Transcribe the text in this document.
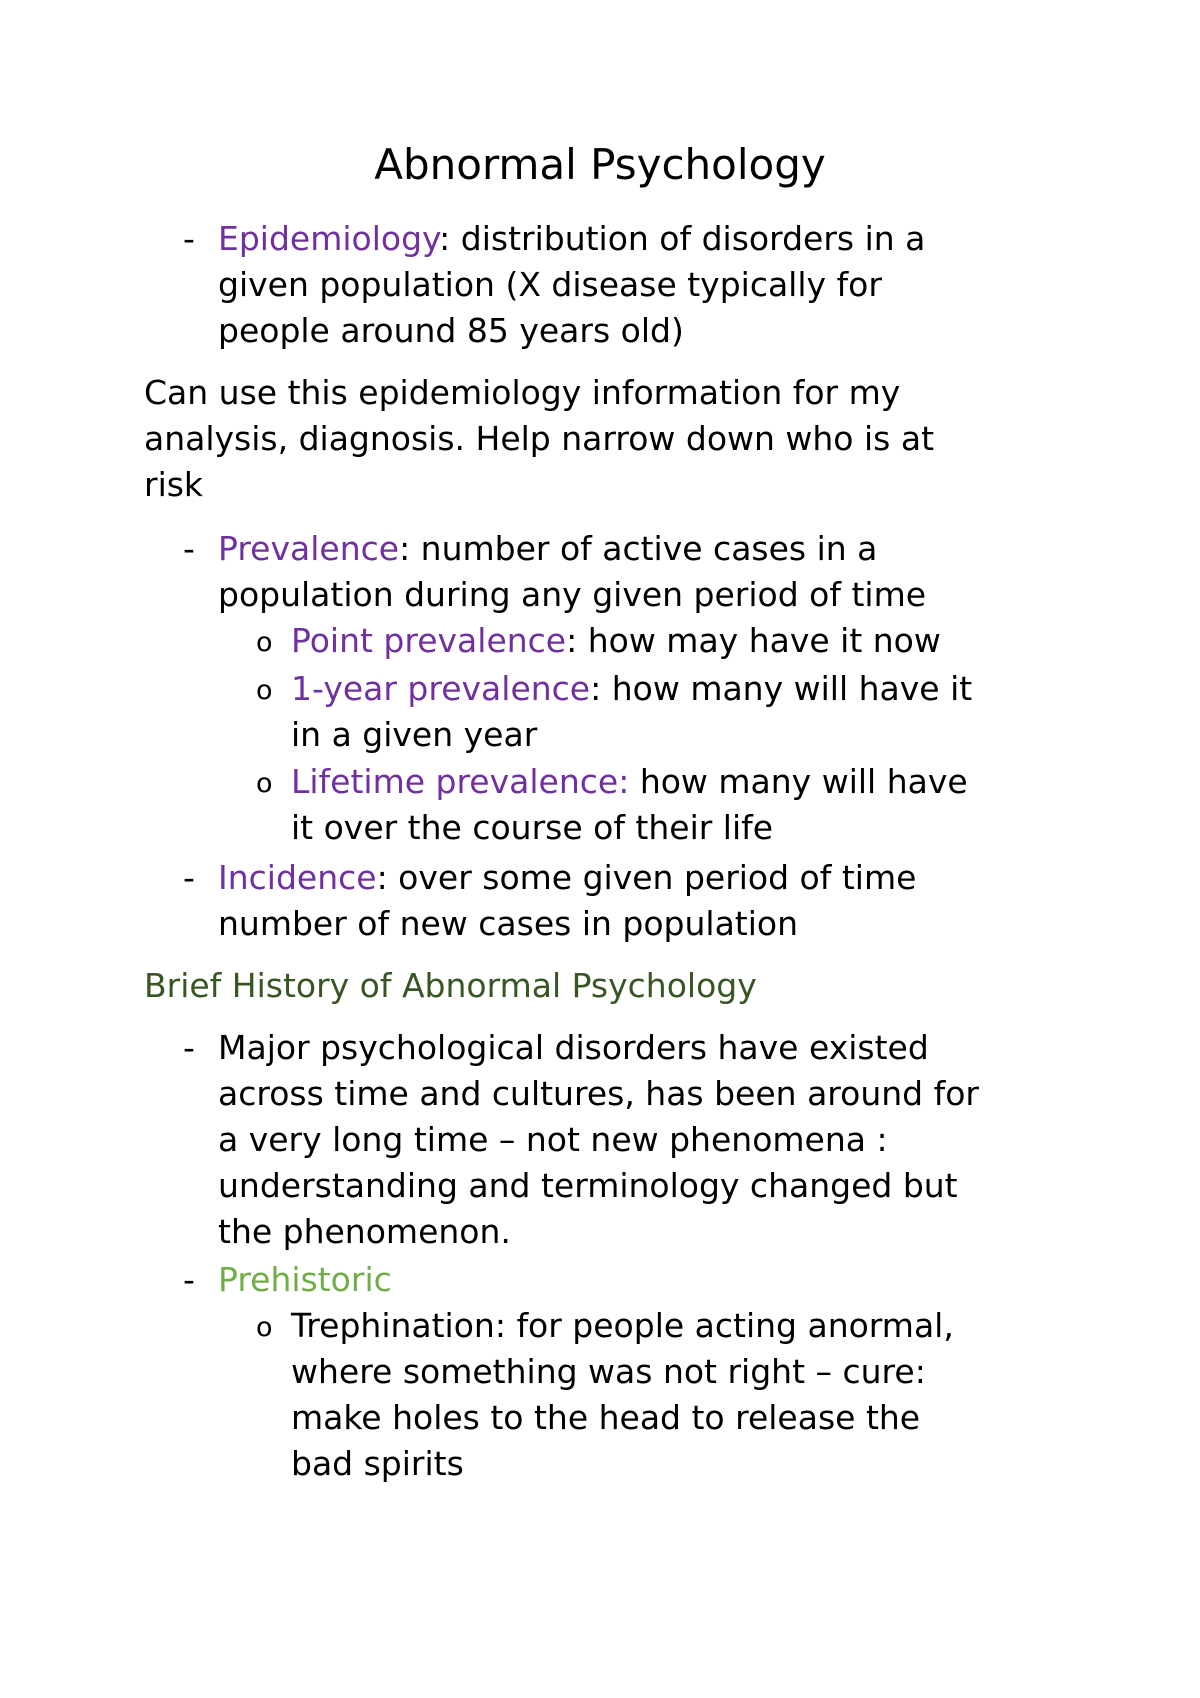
Abnormal Psychology
- Epidemiology: distribution of disorders in a
given population (X disease typically for
people around 85 years old)
Can use this epidemiology information for my
analysis, diagnosis. Help narrow down who is at
risk
- Prevalence: number of active cases in a
population during any given period of time
o Point prevalence: how may have it now
o 1-year prevalence: how many will have it
in a given year
o Lifetime prevalence: how many will have
it over the course of their life
- Incidence: over some given period of time
number of new cases in population
Brief History of Abnormal Psychology
- Major psychological disorders have existed
across time and cultures, has been around for
a very long time – not new phenomena :
understanding and terminology changed but
the phenomenon.
- Prehistoric
o Trephination: for people acting anormal,
where something was not right – cure:
make holes to the head to release the
bad spirits
